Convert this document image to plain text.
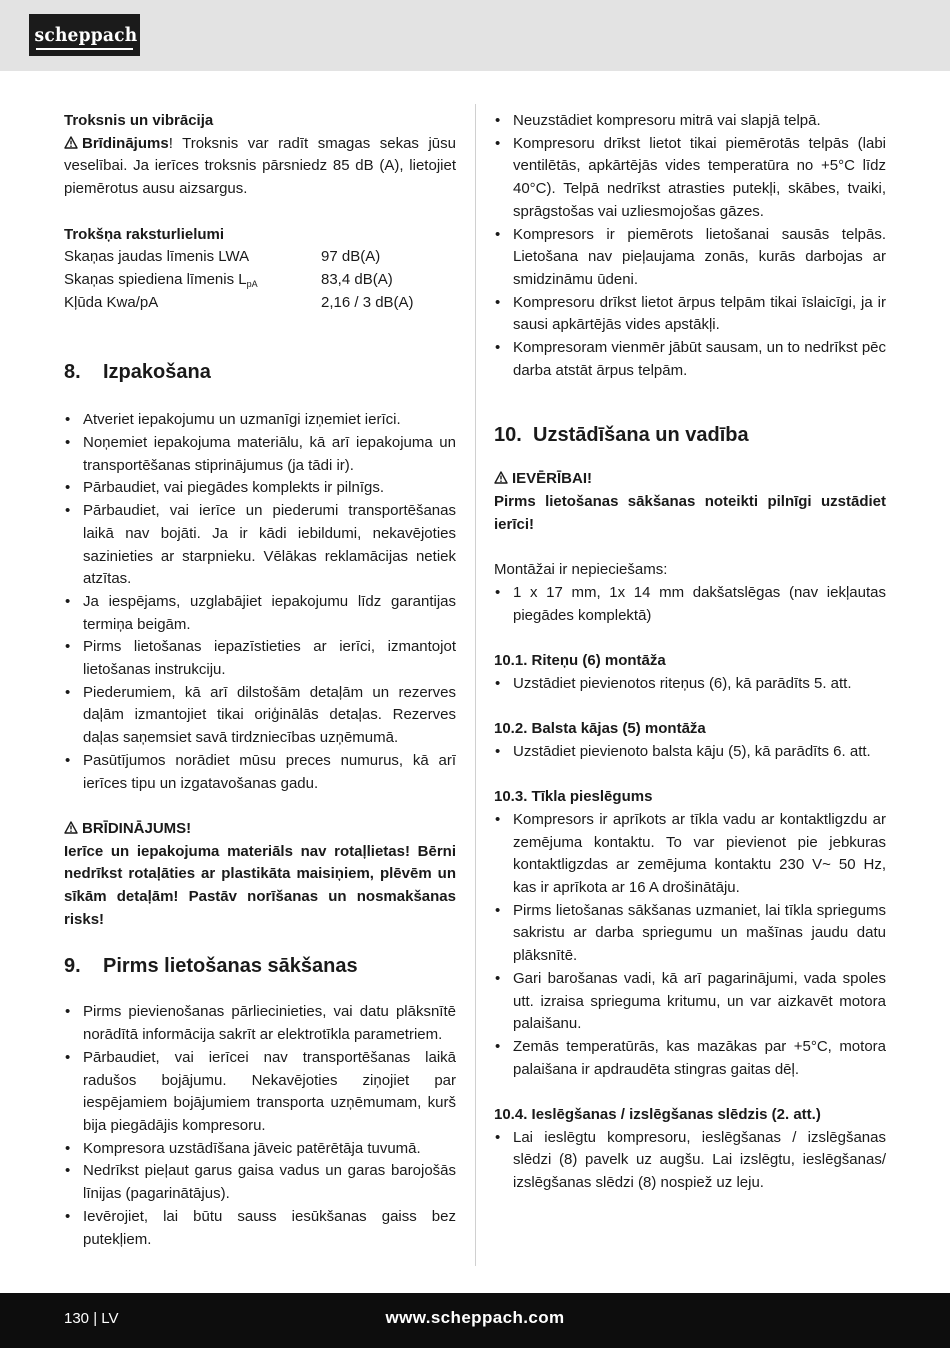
scheppach

Troksnis un vibrācija

Brīdinājums! Troksnis var radīt smagas sekas jūsu veselībai. Ja ierīces troksnis pārsniedz 85 dB (A), lietojiet piemērotus ausu aizsargus.

Trokšņa raksturlielumi

Skaņas jaudas līmenis LWA	97 dB(A)
Skaņas spiediena līmenis $L_{pA}$	83,4 dB(A)
Kļūda Kwa/pA	2,16 / 3 dB(A)
8. Izpakošana
• Atveriet iepakojumu un uzmanīgi izņemiet ierīci.
• Noņemiet iepakojuma materiālu, kā arī iepakojuma un transportēšanas stiprinājumus (ja tādi ir).
• Pārbaudiet, vai piegādes komplekts ir pilnīgs.
• Pārbaudiet, vai ierīce un piederumi transportēšanas laikā nav bojāti. Ja ir kādi iebildumi, nekavējoties sazinieties ar starpnieku. Vēlākas reklamācijas netiek atzītas.
• Ja iespējams, uzglabājiet iepakojumu līdz garantijas termiņa beigām.
• Pirms lietošanas iepazīstieties ar ierīci, izmantojot lietošanas instrukciju.
• Piederumiem, kā arī dilstošām detaļām un rezerves daļām izmantojiet tikai oriģinālās detaļas. Rezerves daļas saņemsiet savā tirdzniecības uzņēmumā.
• Pasūtījumos norādiet mūsu preces numurus, kā arī ierīces tipu un izgatavošanas gadu.

BRĪDINĀJUMS!

Ierīce un iepakojuma materiāls nav rotaļlietas! Bērni nedrīkst rotaļāties ar plastikāta maisiņiem, plēvēm un sīkām detaļām! Pastāv norīšanas un nosmakšanas risks!

9. Pirms lietošanas sākšanas
• Pirms pievienošanas pārliecinieties, vai datu plāksnītē norādītā informācija sakrīt ar elektrotīkla parametriem.
• Pārbaudiet, vai ierīcei nav transportēšanas laikā radušos bojājumu. Nekavējoties ziņojiet par iespējamiem bojājumiem transporta uzņēmumam, kurš bija piegādājis kompresoru.
• Kompresora uzstādīšana jāveic patērētāja tuvumā.
• Nedrīkst pieļaut garus gaisa vadus un garas barojošās līnijas (pagarinātājus).
• Ievērojiet, lai būtu sauss iesūkšanas gaiss bez putekļiem.
• Neuzstādiet kompresoru mitrā vai slapjā telpā.
• Kompresoru drīkst lietot tikai piemērotās telpās (labi ventilētās, apkārtējās vides temperatūra no +5°C līdz 40°C). Telpā nedrīkst atrasties putekļi, skābes, tvaiki, sprāgstošas vai uzliesmojošas gāzes.
• Kompresors ir piemērots lietošanai sausās telpās. Lietošana nav pieļaujama zonās, kurās darbojas ar smidzināmu ūdeni.
• Kompresoru drīkst lietot ārpus telpām tikai īslaicīgi, ja ir sausi apkārtējās vides apstākļi.
• Kompresoram vienmēr jābūt sausam, un to nedrīkst pēc darba atstāt ārpus telpām.
10. Uzstādīšana un vadība

IEVĒRĪBAI!

Pirms lietošanas sākšanas noteikti pilnīgi uzstādiet ierīci!

Montāžai ir nepieciešams:

• 1 x 17 mm, 1x 14 mm dakšatslēgas (nav iekļautas piegādes komplektā)

10.1. Riteņu (6) montāža

• Uzstādiet pievienotos riteņus (6), kā parādīts 5. att.

10.2. Balsta kājas (5) montāža

• Uzstādiet pievienoto balsta kāju (5), kā parādīts 6. att.

10.3. Tīkla pieslēgums

• Kompresors ir aprīkots ar tīkla vadu ar kontaktligzdu ar zemējuma kontaktu. To var pievienot pie jebkuras kontaktligzdas ar zemējuma kontaktu 230 V~ 50 Hz, kas ir aprīkota ar 16 A drošinātāju.
• Pirms lietošanas sākšanas uzmaniet, lai tīkla spriegums sakristu ar darba spriegumu un mašīnas jaudu datu plāksnītē.
• Gari barošanas vadi, kā arī pagarinājumi, vada spoles utt. izraisa sprieguma kritumu, un var aizkavēt motora palaišanu.
• Zemās temperatūrās, kas mazākas par +5°C, motora palaišana ir apdraudēta stingras gaitas dēļ.

10.4. Ieslēgšanas / izslēgšanas slēdzis (2. att.)

• Lai ieslēgtu kompresoru, ieslēgšanas / izslēgšanas slēdzi (8) pavelk uz augšu. Lai izslēgtu, ieslēgšanas/ izslēgšanas slēdzi (8) nospiež uz leju.
130 | LV	www.scheppach.com
